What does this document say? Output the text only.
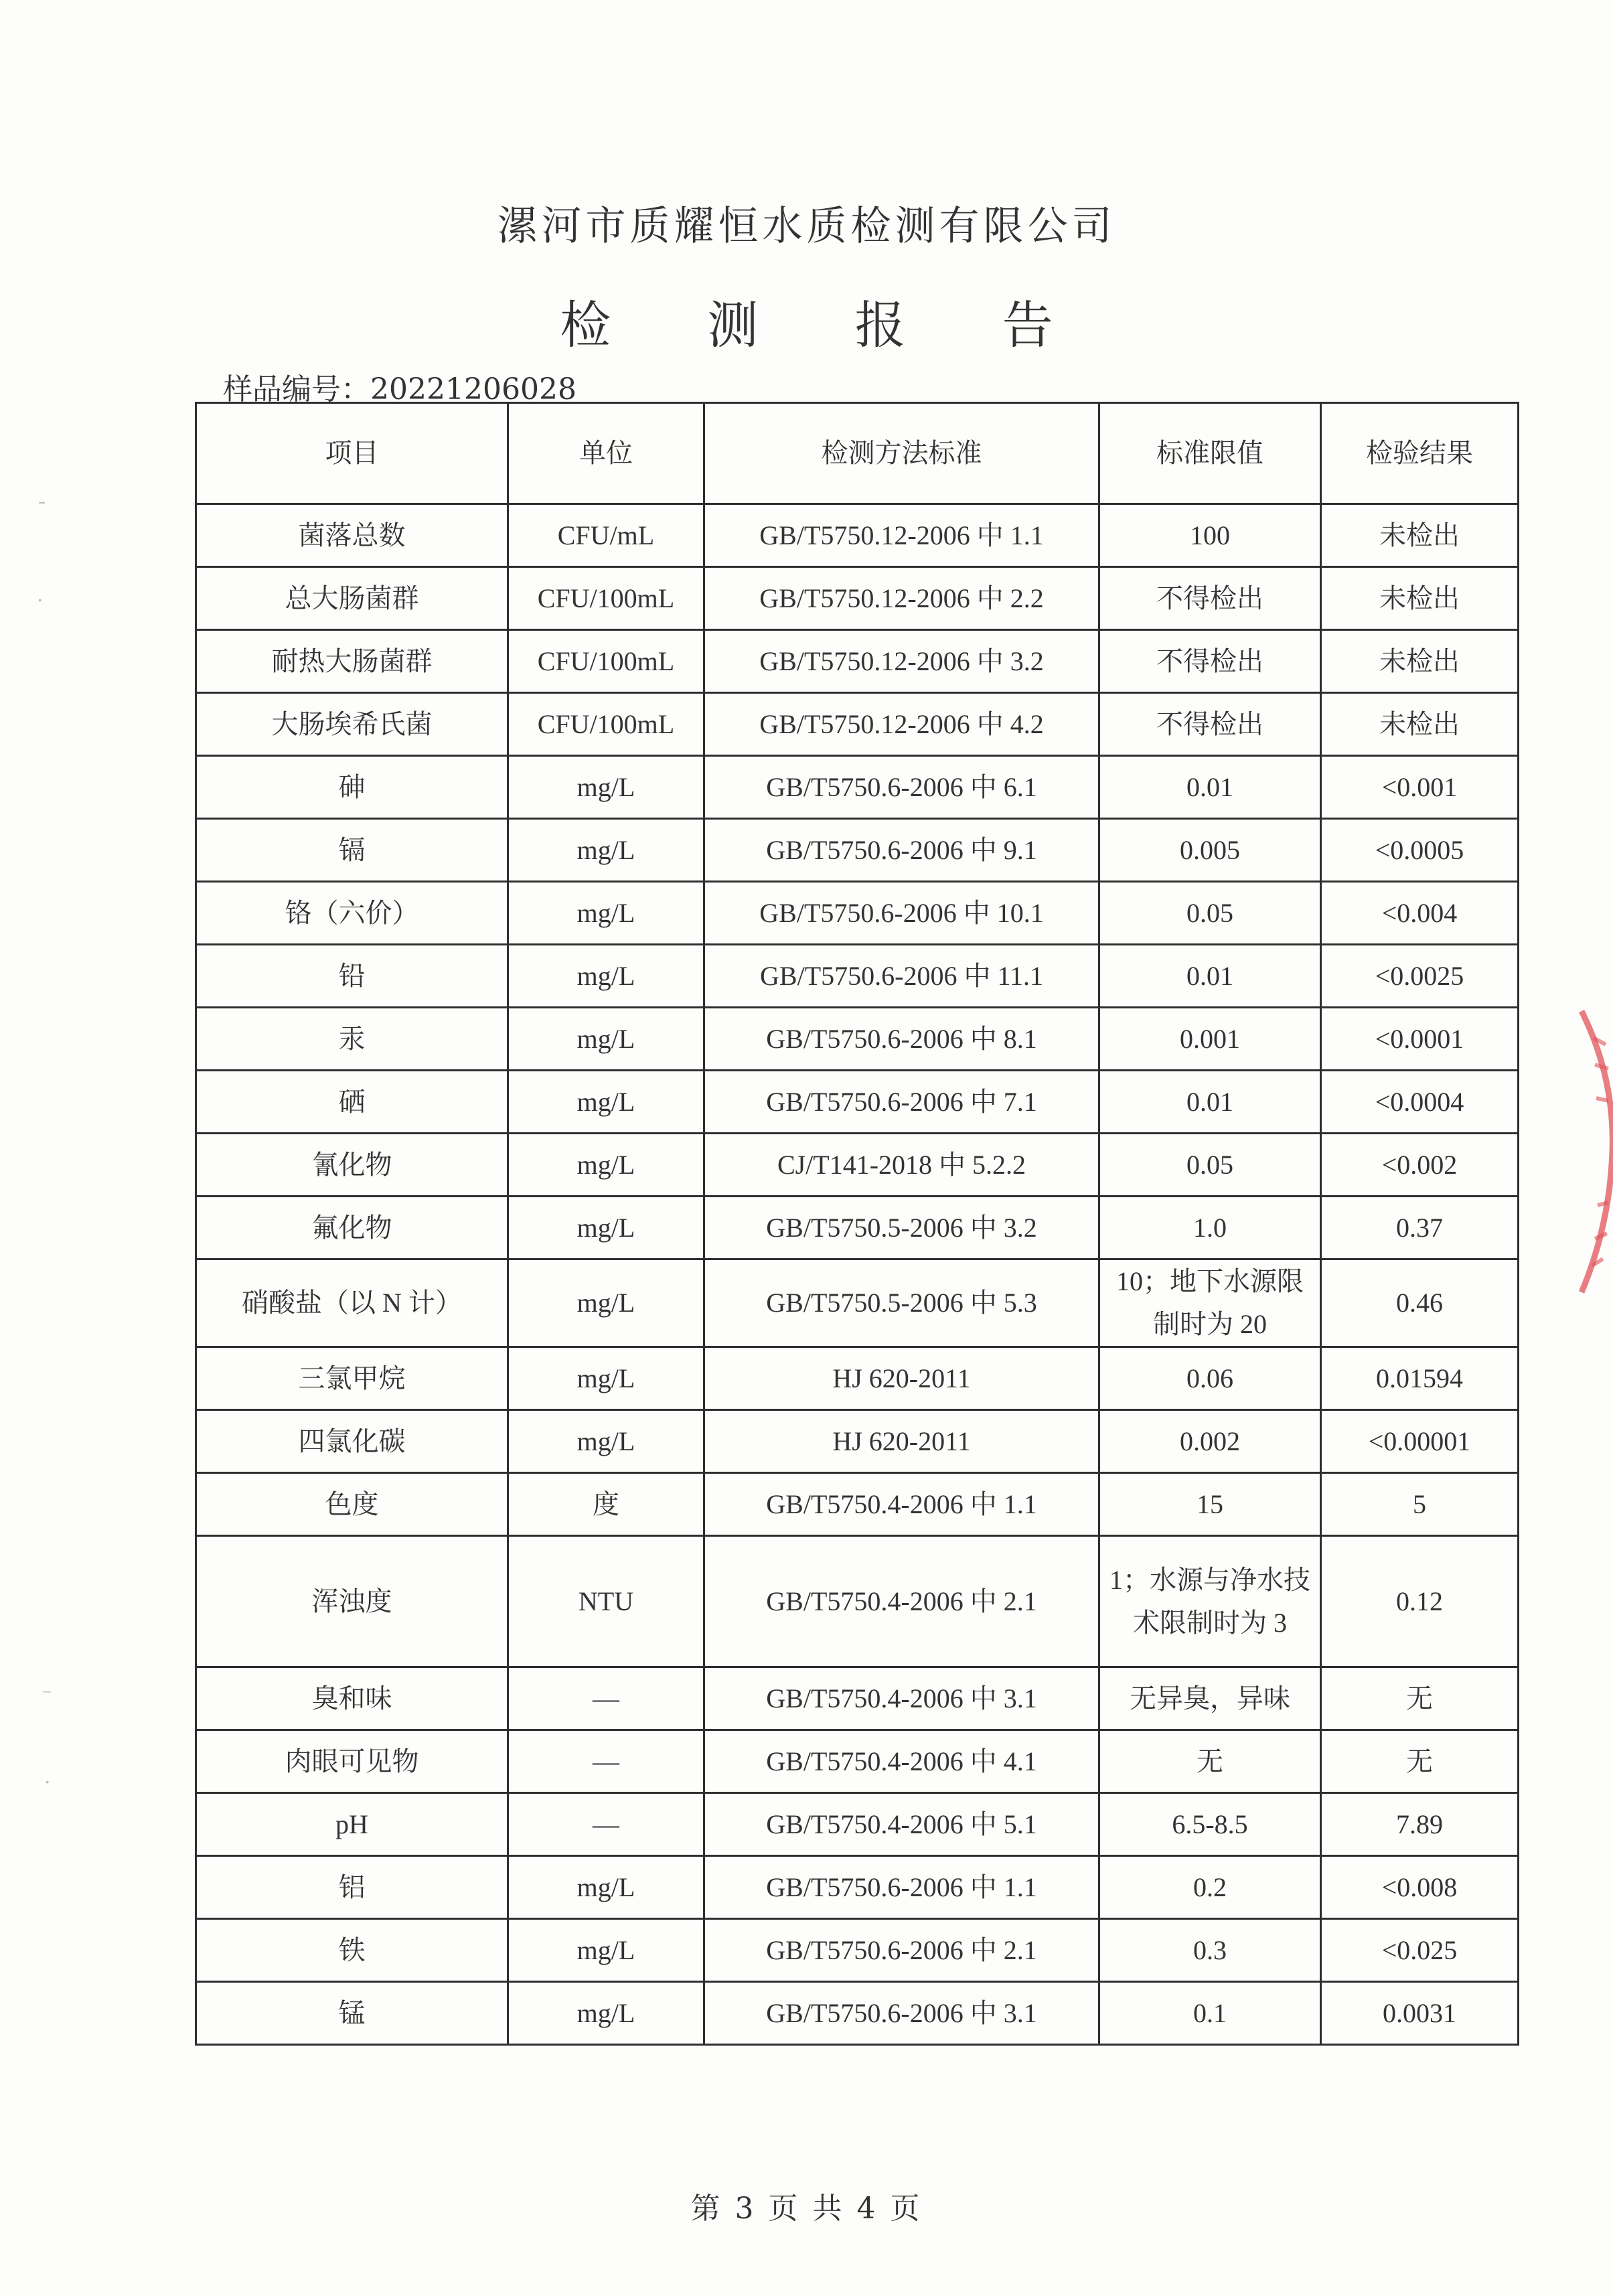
漯河市质耀恒水质检测有限公司
检 测 报 告
样品编号：20221206028
项目	单位	检测方法标准	标准限值	检验结果
菌落总数	CFU/mL	GB/T5750.12-2006 中 1.1	100	未检出
总大肠菌群	CFU/100mL	GB/T5750.12-2006 中 2.2	不得检出	未检出
耐热大肠菌群	CFU/100mL	GB/T5750.12-2006 中 3.2	不得检出	未检出
大肠埃希氏菌	CFU/100mL	GB/T5750.12-2006 中 4.2	不得检出	未检出
砷	mg/L	GB/T5750.6-2006 中 6.1	0.01	<0.001
镉	mg/L	GB/T5750.6-2006 中 9.1	0.005	<0.0005
铬（六价）	mg/L	GB/T5750.6-2006 中 10.1	0.05	<0.004
铅	mg/L	GB/T5750.6-2006 中 11.1	0.01	<0.0025
汞	mg/L	GB/T5750.6-2006 中 8.1	0.001	<0.0001
硒	mg/L	GB/T5750.6-2006 中 7.1	0.01	<0.0004
氰化物	mg/L	CJ/T141-2018 中 5.2.2	0.05	<0.002
氟化物	mg/L	GB/T5750.5-2006 中 3.2	1.0	0.37
硝酸盐（以 N 计）	mg/L	GB/T5750.5-2006 中 5.3	10；地下水源限制时为 20	0.46
三氯甲烷	mg/L	HJ 620-2011	0.06	0.01594
四氯化碳	mg/L	HJ 620-2011	0.002	<0.00001
色度	度	GB/T5750.4-2006 中 1.1	15	5
浑浊度	NTU	GB/T5750.4-2006 中 2.1	1；水源与净水技术限制时为 3	0.12
臭和味	—	GB/T5750.4-2006 中 3.1	无异臭，异味	无
肉眼可见物	—	GB/T5750.4-2006 中 4.1	无	无
pH	—	GB/T5750.4-2006 中 5.1	6.5-8.5	7.89
铝	mg/L	GB/T5750.6-2006 中 1.1	0.2	<0.008
铁	mg/L	GB/T5750.6-2006 中 2.1	0.3	<0.025
锰	mg/L	GB/T5750.6-2006 中 3.1	0.1	0.0031
第 3 页 共 4 页
ˉ
·
⁻
·
